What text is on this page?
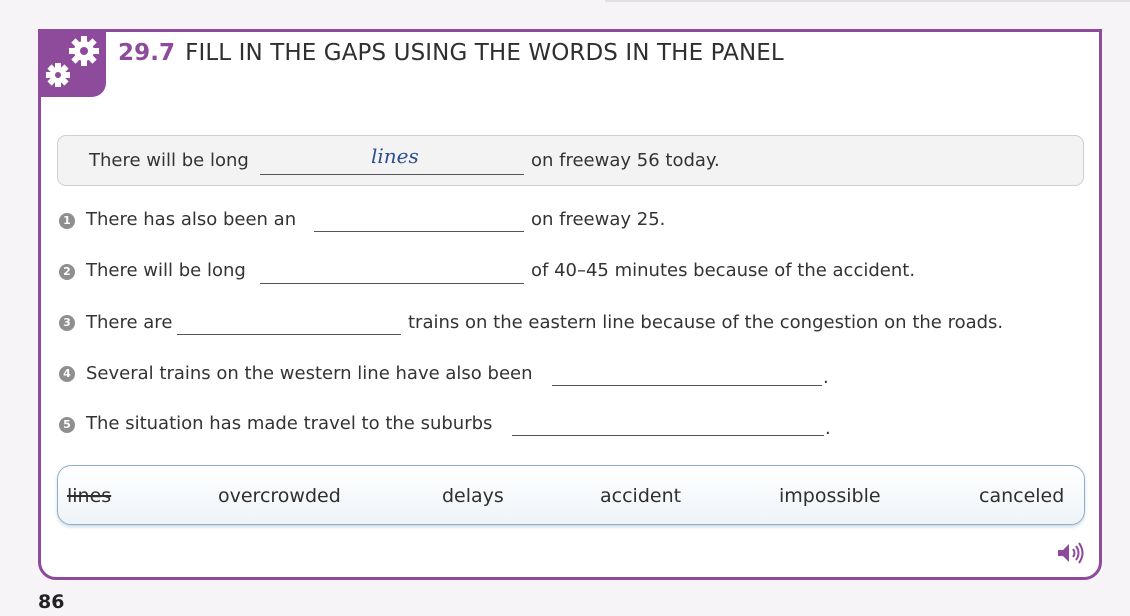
29.7 FILL IN THE GAPS USING THE WORDS IN THE PANEL
There will be long	lines	on freeway 56 today.
1 There has also been an	on freeway 25.
2 There will be long	of 40–45 minutes because of the accident.
3 There are	trains on the eastern line because of the congestion on the roads.
4 Several trains on the western line have also been	.
5 The situation has made travel to the suburbs	.
lines	overcrowded	delays	accident	impossible	canceled
86
